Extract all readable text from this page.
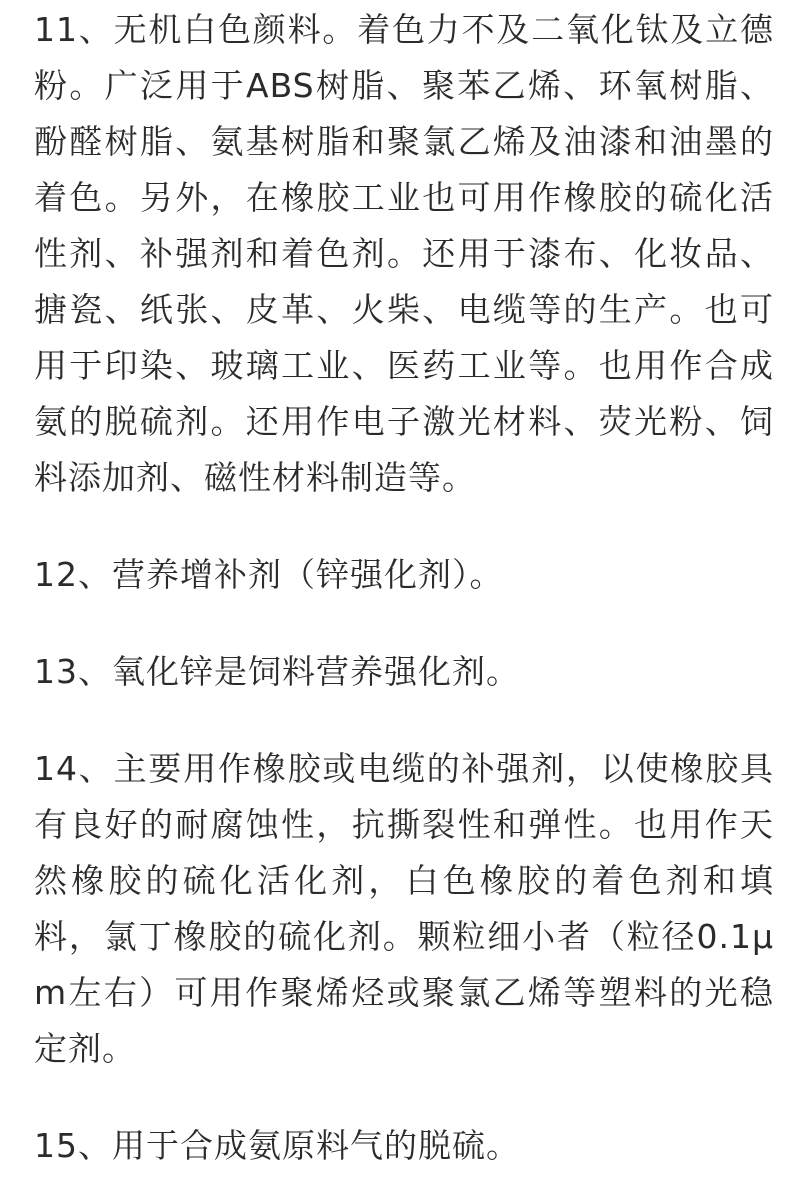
11、无机白色颜料。着色力不及二氧化钛及立德粉。广泛用于ABS树脂、聚苯乙烯、环氧树脂、酚醛树脂、氨基树脂和聚氯乙烯及油漆和油墨的着色。另外，在橡胶工业也可用作橡胶的硫化活性剂、补强剂和着色剂。还用于漆布、化妆品、搪瓷、纸张、皮革、火柴、电缆等的生产。也可用于印染、玻璃工业、医药工业等。也用作合成氨的脱硫剂。还用作电子激光材料、荧光粉、饲料添加剂、磁性材料制造等。

12、营养增补剂（锌强化剂）。

13、氧化锌是饲料营养强化剂。

14、主要用作橡胶或电缆的补强剂，以使橡胶具有良好的耐腐蚀性，抗撕裂性和弹性。也用作天然橡胶的硫化活化剂，白色橡胶的着色剂和填料，氯丁橡胶的硫化剂。颗粒细小者（粒径0.1μm左右）可用作聚烯烃或聚氯乙烯等塑料的光稳定剂。

15、用于合成氨原料气的脱硫。
